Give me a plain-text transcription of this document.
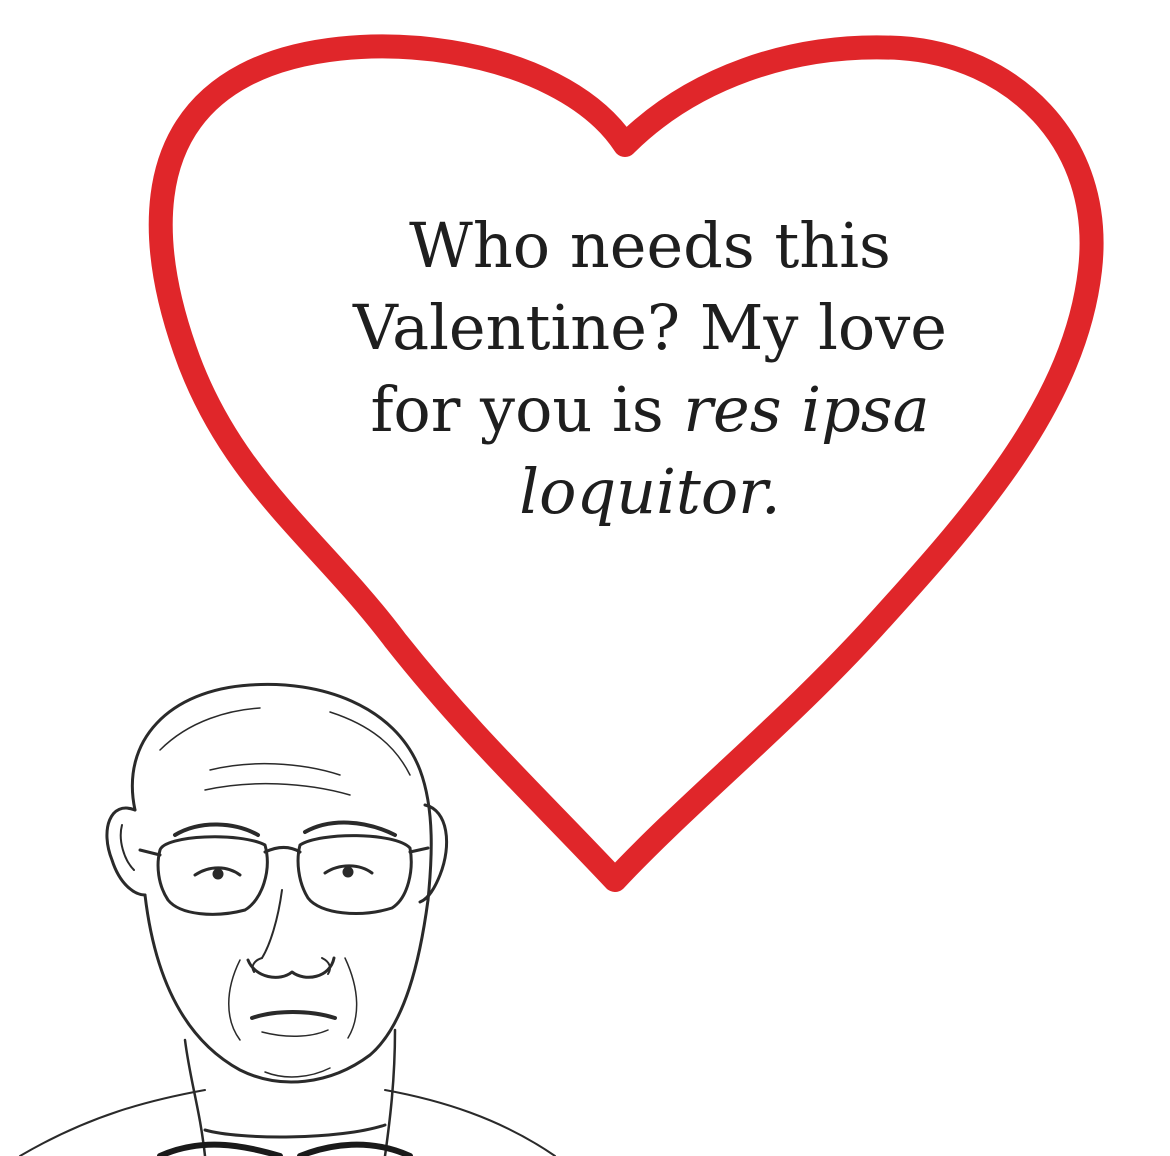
Who needs this
Valentine? My love
for you is res ipsa
loquitor.
